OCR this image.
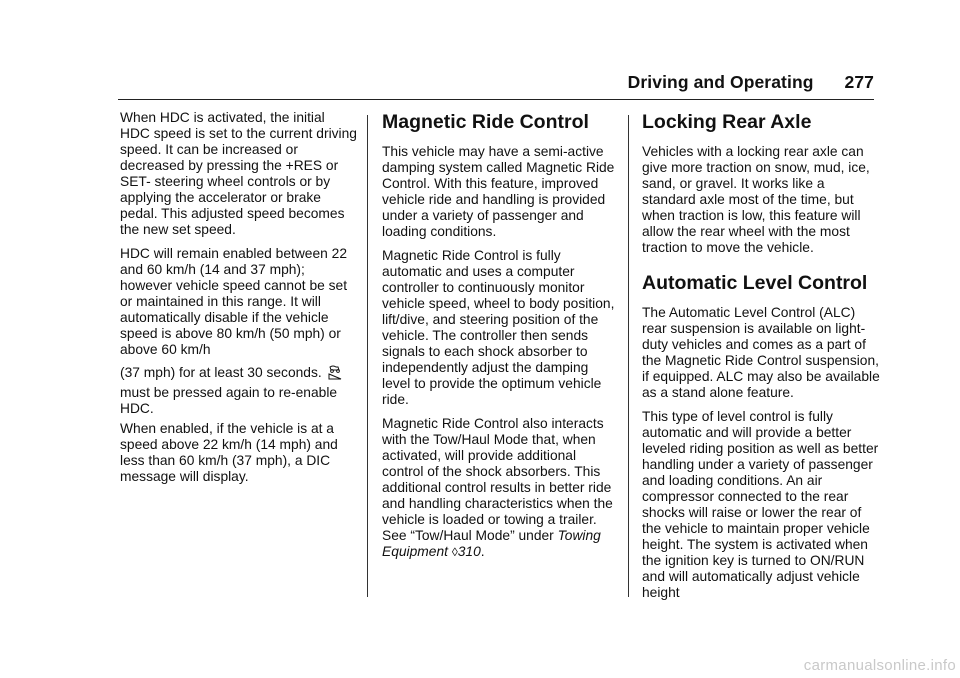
Driving and Operating 277

When HDC is activated, the initial HDC speed is set to the current driving speed. It can be increased or decreased by pressing the +RES or SET- steering wheel controls or by applying the accelerator or brake pedal. This adjusted speed becomes the new set speed.

HDC will remain enabled between 22 and 60 km/h (14 and 37 mph); however vehicle speed cannot be set or maintained in this range. It will automatically disable if the vehicle speed is above 80 km/h (50 mph) or above 60 km/h
(37 mph) for at least 30 seconds.
must be pressed again to re-enable HDC.

When enabled, if the vehicle is at a speed above 22 km/h (14 mph) and less than 60 km/h (37 mph), a DIC message will display.

Magnetic Ride Control

This vehicle may have a semi-active damping system called Magnetic Ride Control. With this feature, improved vehicle ride and handling is provided under a variety of passenger and loading conditions.

Magnetic Ride Control is fully automatic and uses a computer controller to continuously monitor vehicle speed, wheel to body position, lift/dive, and steering position of the vehicle. The controller then sends signals to each shock absorber to independently adjust the damping level to provide the optimum vehicle ride.

Magnetic Ride Control also interacts with the Tow/Haul Mode that, when activated, will provide additional control of the shock absorbers. This additional control results in better ride and handling characteristics when the vehicle is loaded or towing a trailer. See “Tow/Haul Mode” under Towing Equipment ◊310.

Locking Rear Axle

Vehicles with a locking rear axle can give more traction on snow, mud, ice, sand, or gravel. It works like a standard axle most of the time, but when traction is low, this feature will allow the rear wheel with the most traction to move the vehicle.

Automatic Level Control

The Automatic Level Control (ALC) rear suspension is available on light-duty vehicles and comes as a part of the Magnetic Ride Control suspension, if equipped. ALC may also be available as a stand alone feature.

This type of level control is fully automatic and will provide a better leveled riding position as well as better handling under a variety of passenger and loading conditions. An air compressor connected to the rear shocks will raise or lower the rear of the vehicle to maintain proper vehicle height. The system is activated when the ignition key is turned to ON/RUN and will automatically adjust vehicle height

carmanualsonline.info
